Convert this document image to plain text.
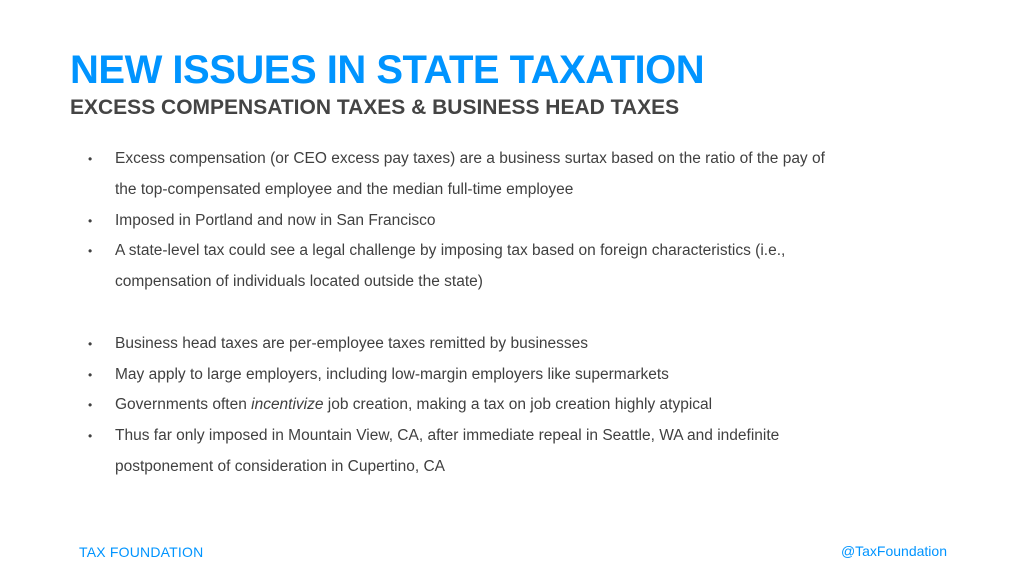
NEW ISSUES IN STATE TAXATION
EXCESS COMPENSATION TAXES & BUSINESS HEAD TAXES
• Excess compensation (or CEO excess pay taxes) are a business surtax based on the ratio of the pay of the top-compensated employee and the median full-time employee
• Imposed in Portland and now in San Francisco
• A state-level tax could see a legal challenge by imposing tax based on foreign characteristics (i.e., compensation of individuals located outside the state)
• Business head taxes are per-employee taxes remitted by businesses
• May apply to large employers, including low-margin employers like supermarkets
• Governments often incentivize job creation, making a tax on job creation highly atypical
• Thus far only imposed in Mountain View, CA, after immediate repeal in Seattle, WA and indefinite postponement of consideration in Cupertino, CA
TAX FOUNDATION	@TaxFoundation
